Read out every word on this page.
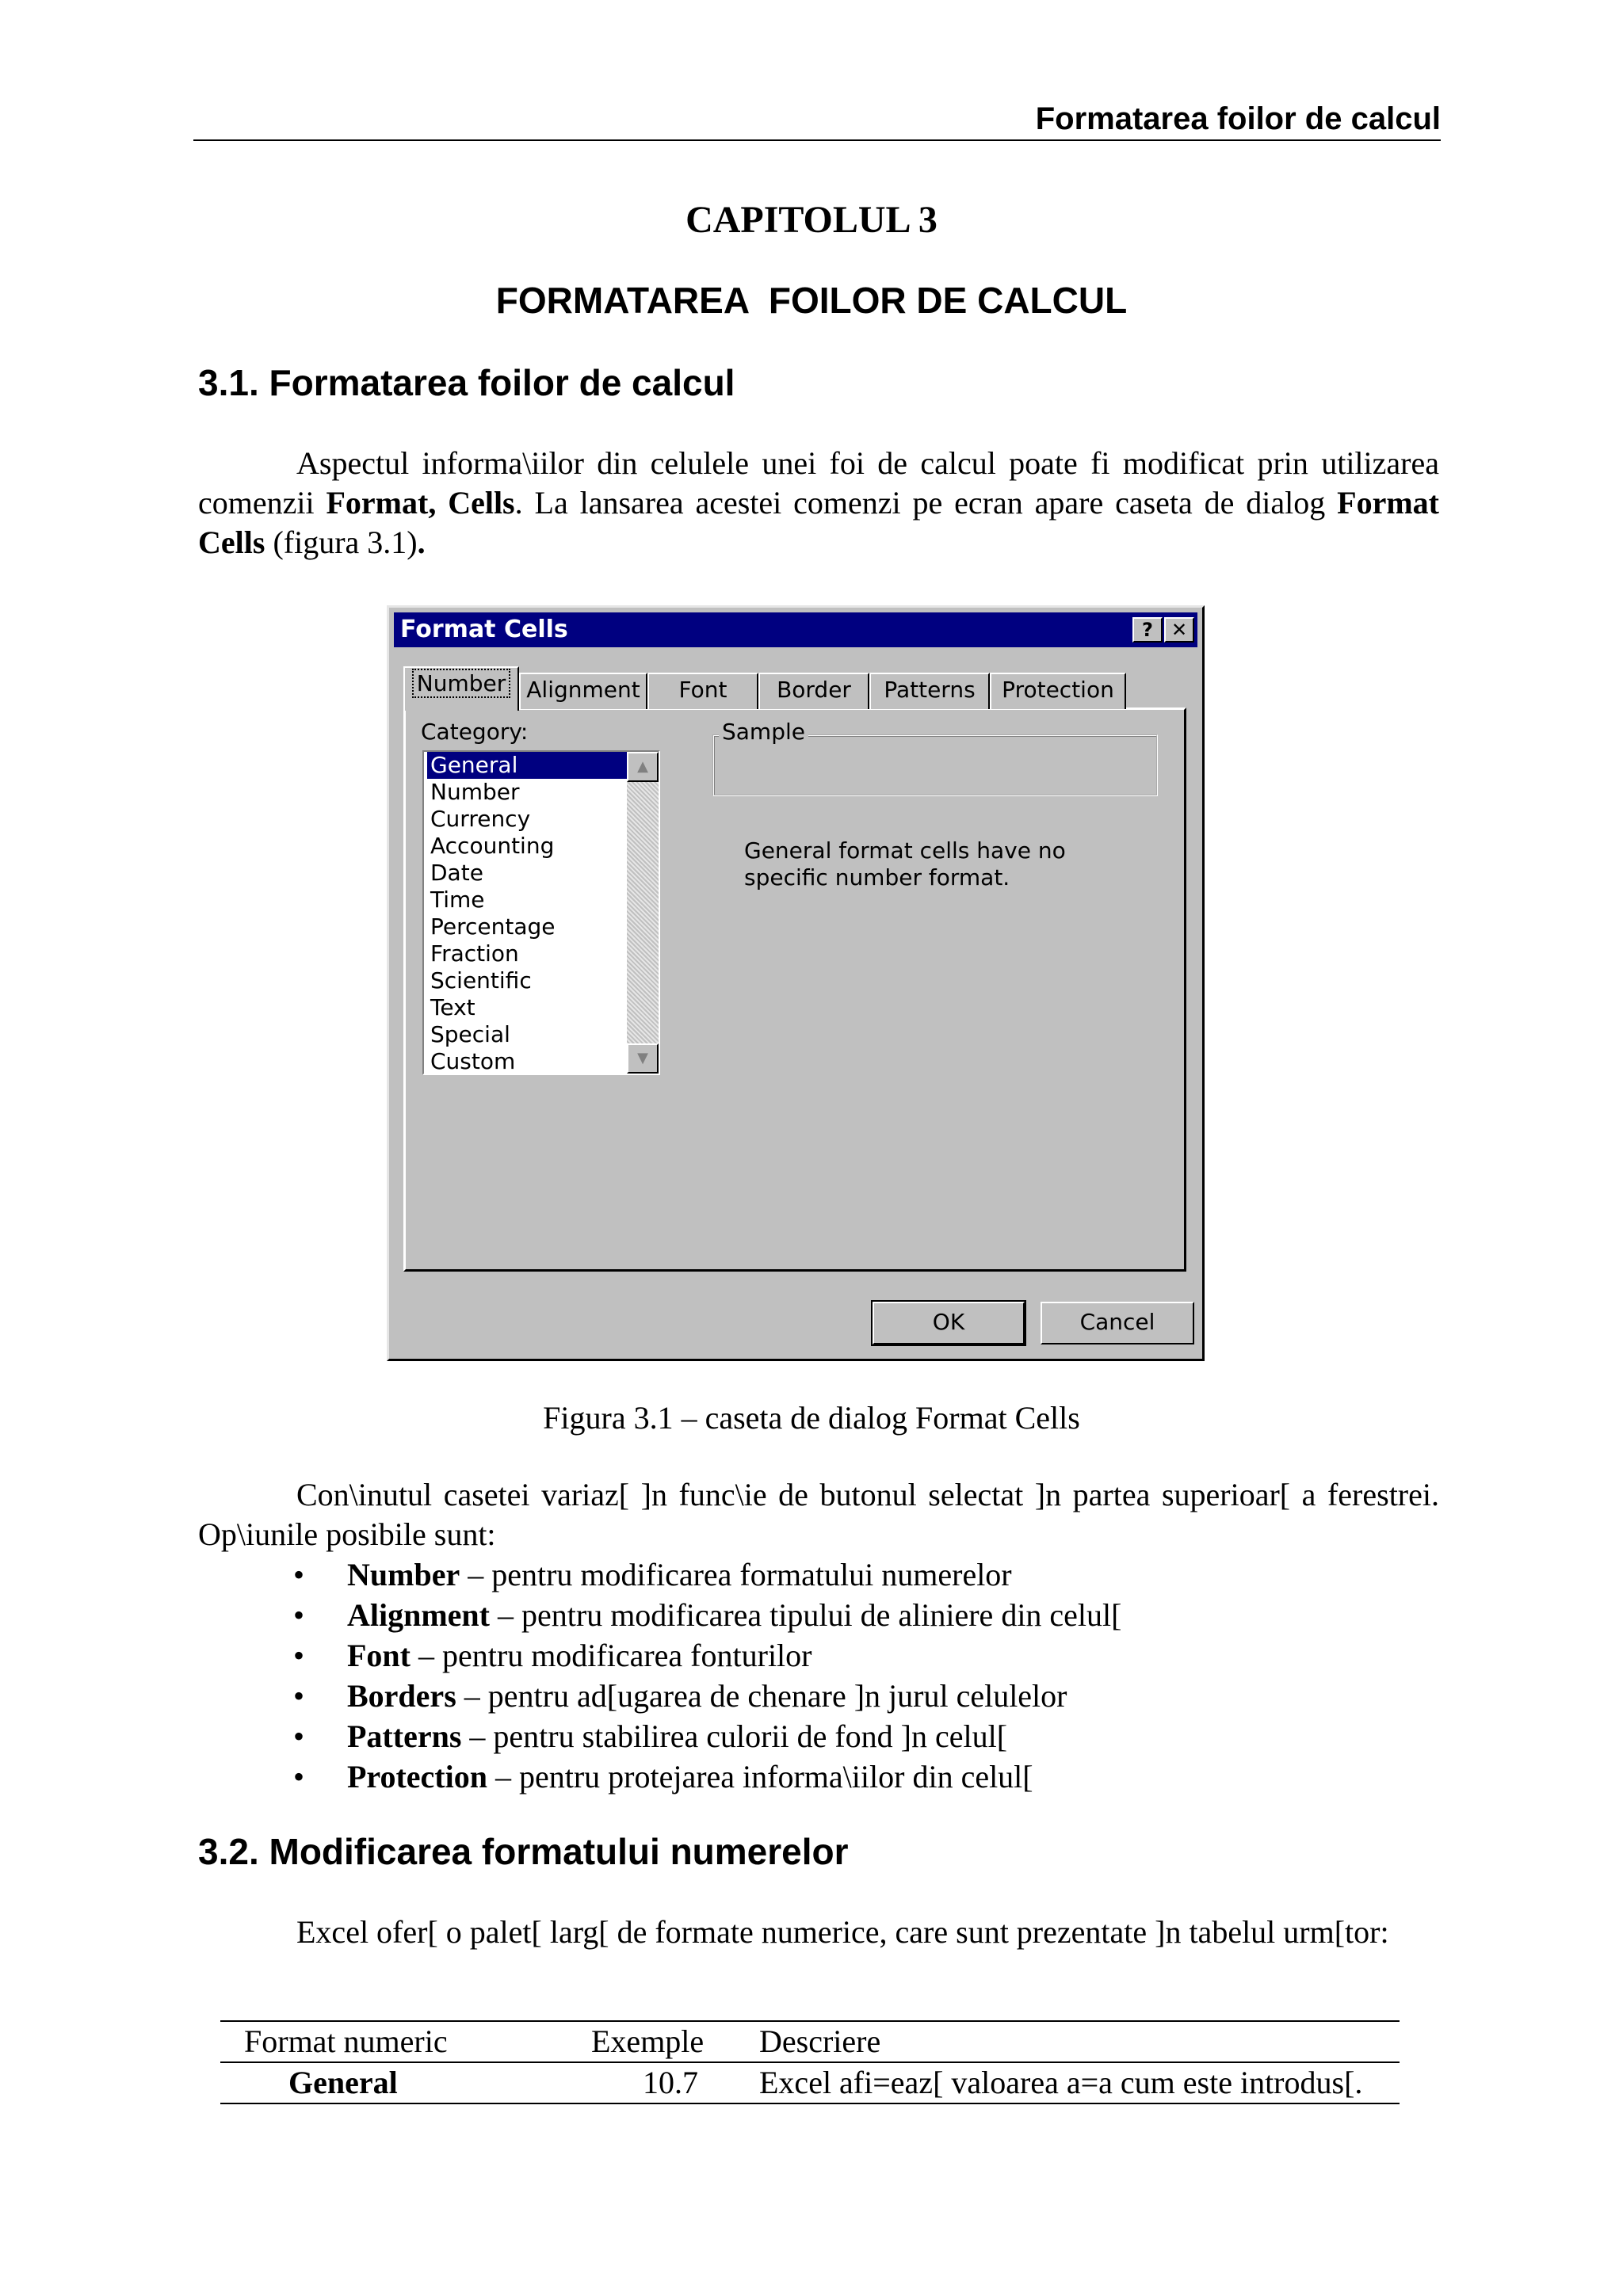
Formatarea foilor de calcul
CAPITOLUL 3
FORMATAREA  FOILOR DE CALCUL
3.1. Formatarea foilor de calcul
Aspectul informa\iilor din celulele unei foi de calcul poate fi modificat prin utilizarea comenzii Format, Cells. La lansarea acestei comenzi pe ecran apare caseta de dialog Format Cells (figura 3.1).
Format Cells	? ✕
Number Alignment	Font	Border	Patterns	Protection
Category:
General
Number
Currency
Accounting
Date
Time
Percentage
Fraction
Scientific
Text
Special
Custom
▲
▼
Sample
General format cells have no
specific number format.
OK	Cancel
Figura 3.1 – caseta de dialog Format Cells
Con\inutul casetei variaz[ ]n func\ie de butonul selectat ]n partea superioar[ a ferestrei. Op\iunile posibile sunt:
• Number – pentru modificarea formatului numerelor
• Alignment – pentru modificarea tipului de aliniere din celul[
• Font – pentru modificarea fonturilor
• Borders – pentru ad[ugarea de chenare ]n jurul celulelor
• Patterns – pentru stabilirea culorii de fond ]n celul[
• Protection – pentru protejarea informa\iilor din celul[
3.2. Modificarea formatului numerelor
Excel ofer[ o palet[ larg[ de formate numerice, care sunt prezentate ]n tabelul urm[tor:
Format numeric	Exemple	Descriere
General	10.7	Excel afi=eaz[ valoarea a=a cum este introdus[.
